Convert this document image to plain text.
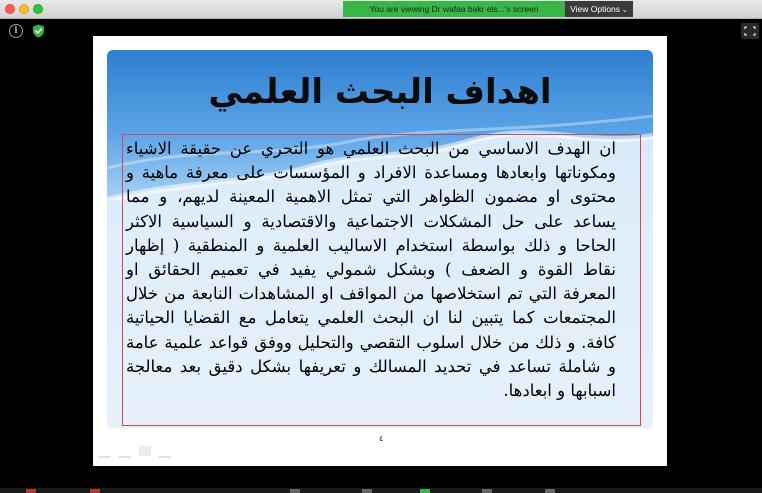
You are viewing Dr wafaa bakr els...'s screen	View Options ⌄
i
اهداف البحث العلمي

ان الهدف الاساسي من البحث العلمي هو التحري عن حقيقة الاشياء ومكوناتها وابعادها ومساعدة الافراد و المؤسسات على معرفة ماهية و محتوى او مضمون الظواهر التي تمثل الاهمية المعينة لديهم، و مما يساعد على حل المشكلات الاجتماعية والاقتصادية و السياسية الاكثر الحاحا و ذلك بواسطة استخدام الاساليب العلمية و المنطقية ( إظهار نقاط القوة و الضعف ) وبشكل شمولي يفيد في تعميم الحقائق او المعرفة التي تم استخلاصها من المواقف او المشاهدات النابعة من خلال المجتمعات كما يتبين لنا ان البحث العلمي يتعامل مع القضايا الحياتية كافة. و ذلك من خلال اسلوب التقصي والتحليل ووفق قواعد علمية عامة و شاملة تساعد في تحديد المسالك و تعريفها بشكل دقيق بعد معالجة اسبابها و ابعادها.

٤
